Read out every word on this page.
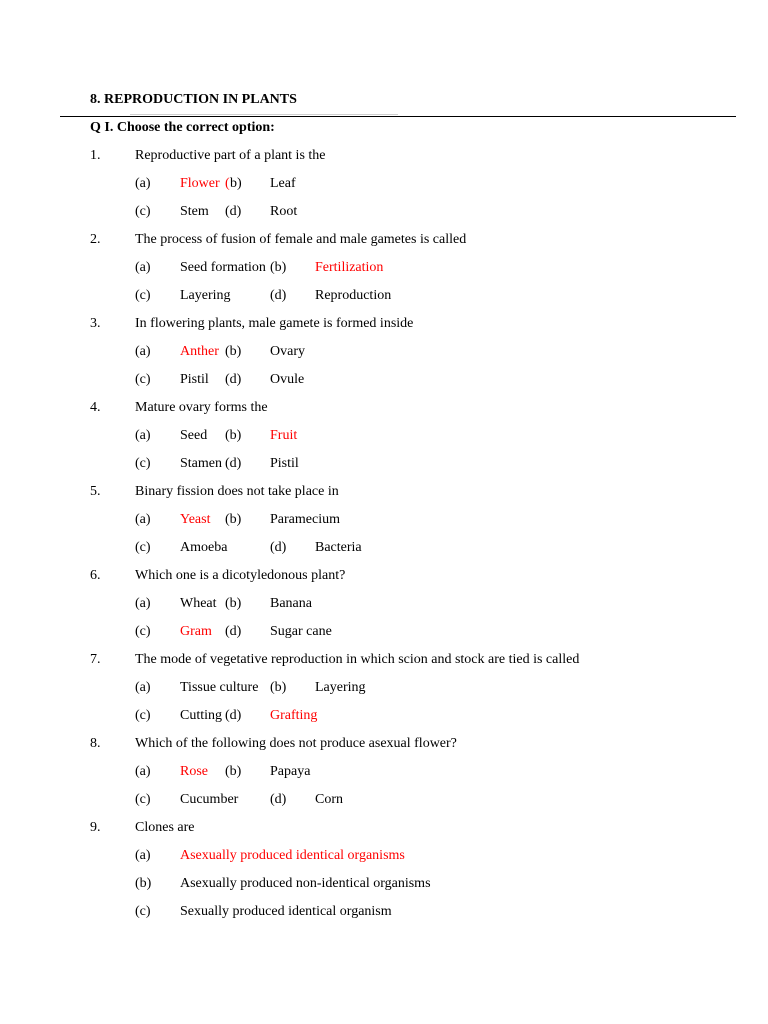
8. REPRODUCTION IN PLANTS
Q I. Choose the correct option:
1. Reproductive part of a plant is the
(a) Flower ( b) Leaf
(c) Stem (d) Root
2. The process of fusion of female and male gametes is called
(a) Seed formation (b) Fertilization
(c) Layering	(d) Reproduction
3. In flowering plants, male gamete is formed inside
(a) Anther (b) Ovary
(c) Pistil (d) Ovule
4. Mature ovary forms the
(a) Seed (b) Fruit
(c) Stamen (d) Pistil
5. Binary fission does not take place in
(a) Yeast (b) Paramecium
(c) Amoeba	(d) Bacteria
6. Which one is a dicotyledonous plant?
(a) Wheat (b) Banana
(c) Gram (d) Sugar cane
7. The mode of vegetative reproduction in which scion and stock are tied is called
(a) Tissue culture (b) Layering
(c) Cutting (d) Grafting
8. Which of the following does not produce asexual flower?
(a) Rose (b) Papaya
(c) Cucumber (d) Corn
9. Clones are
(a) Asexually produced identical organisms
(b) Asexually produced non-identical organisms
(c) Sexually produced identical organism
